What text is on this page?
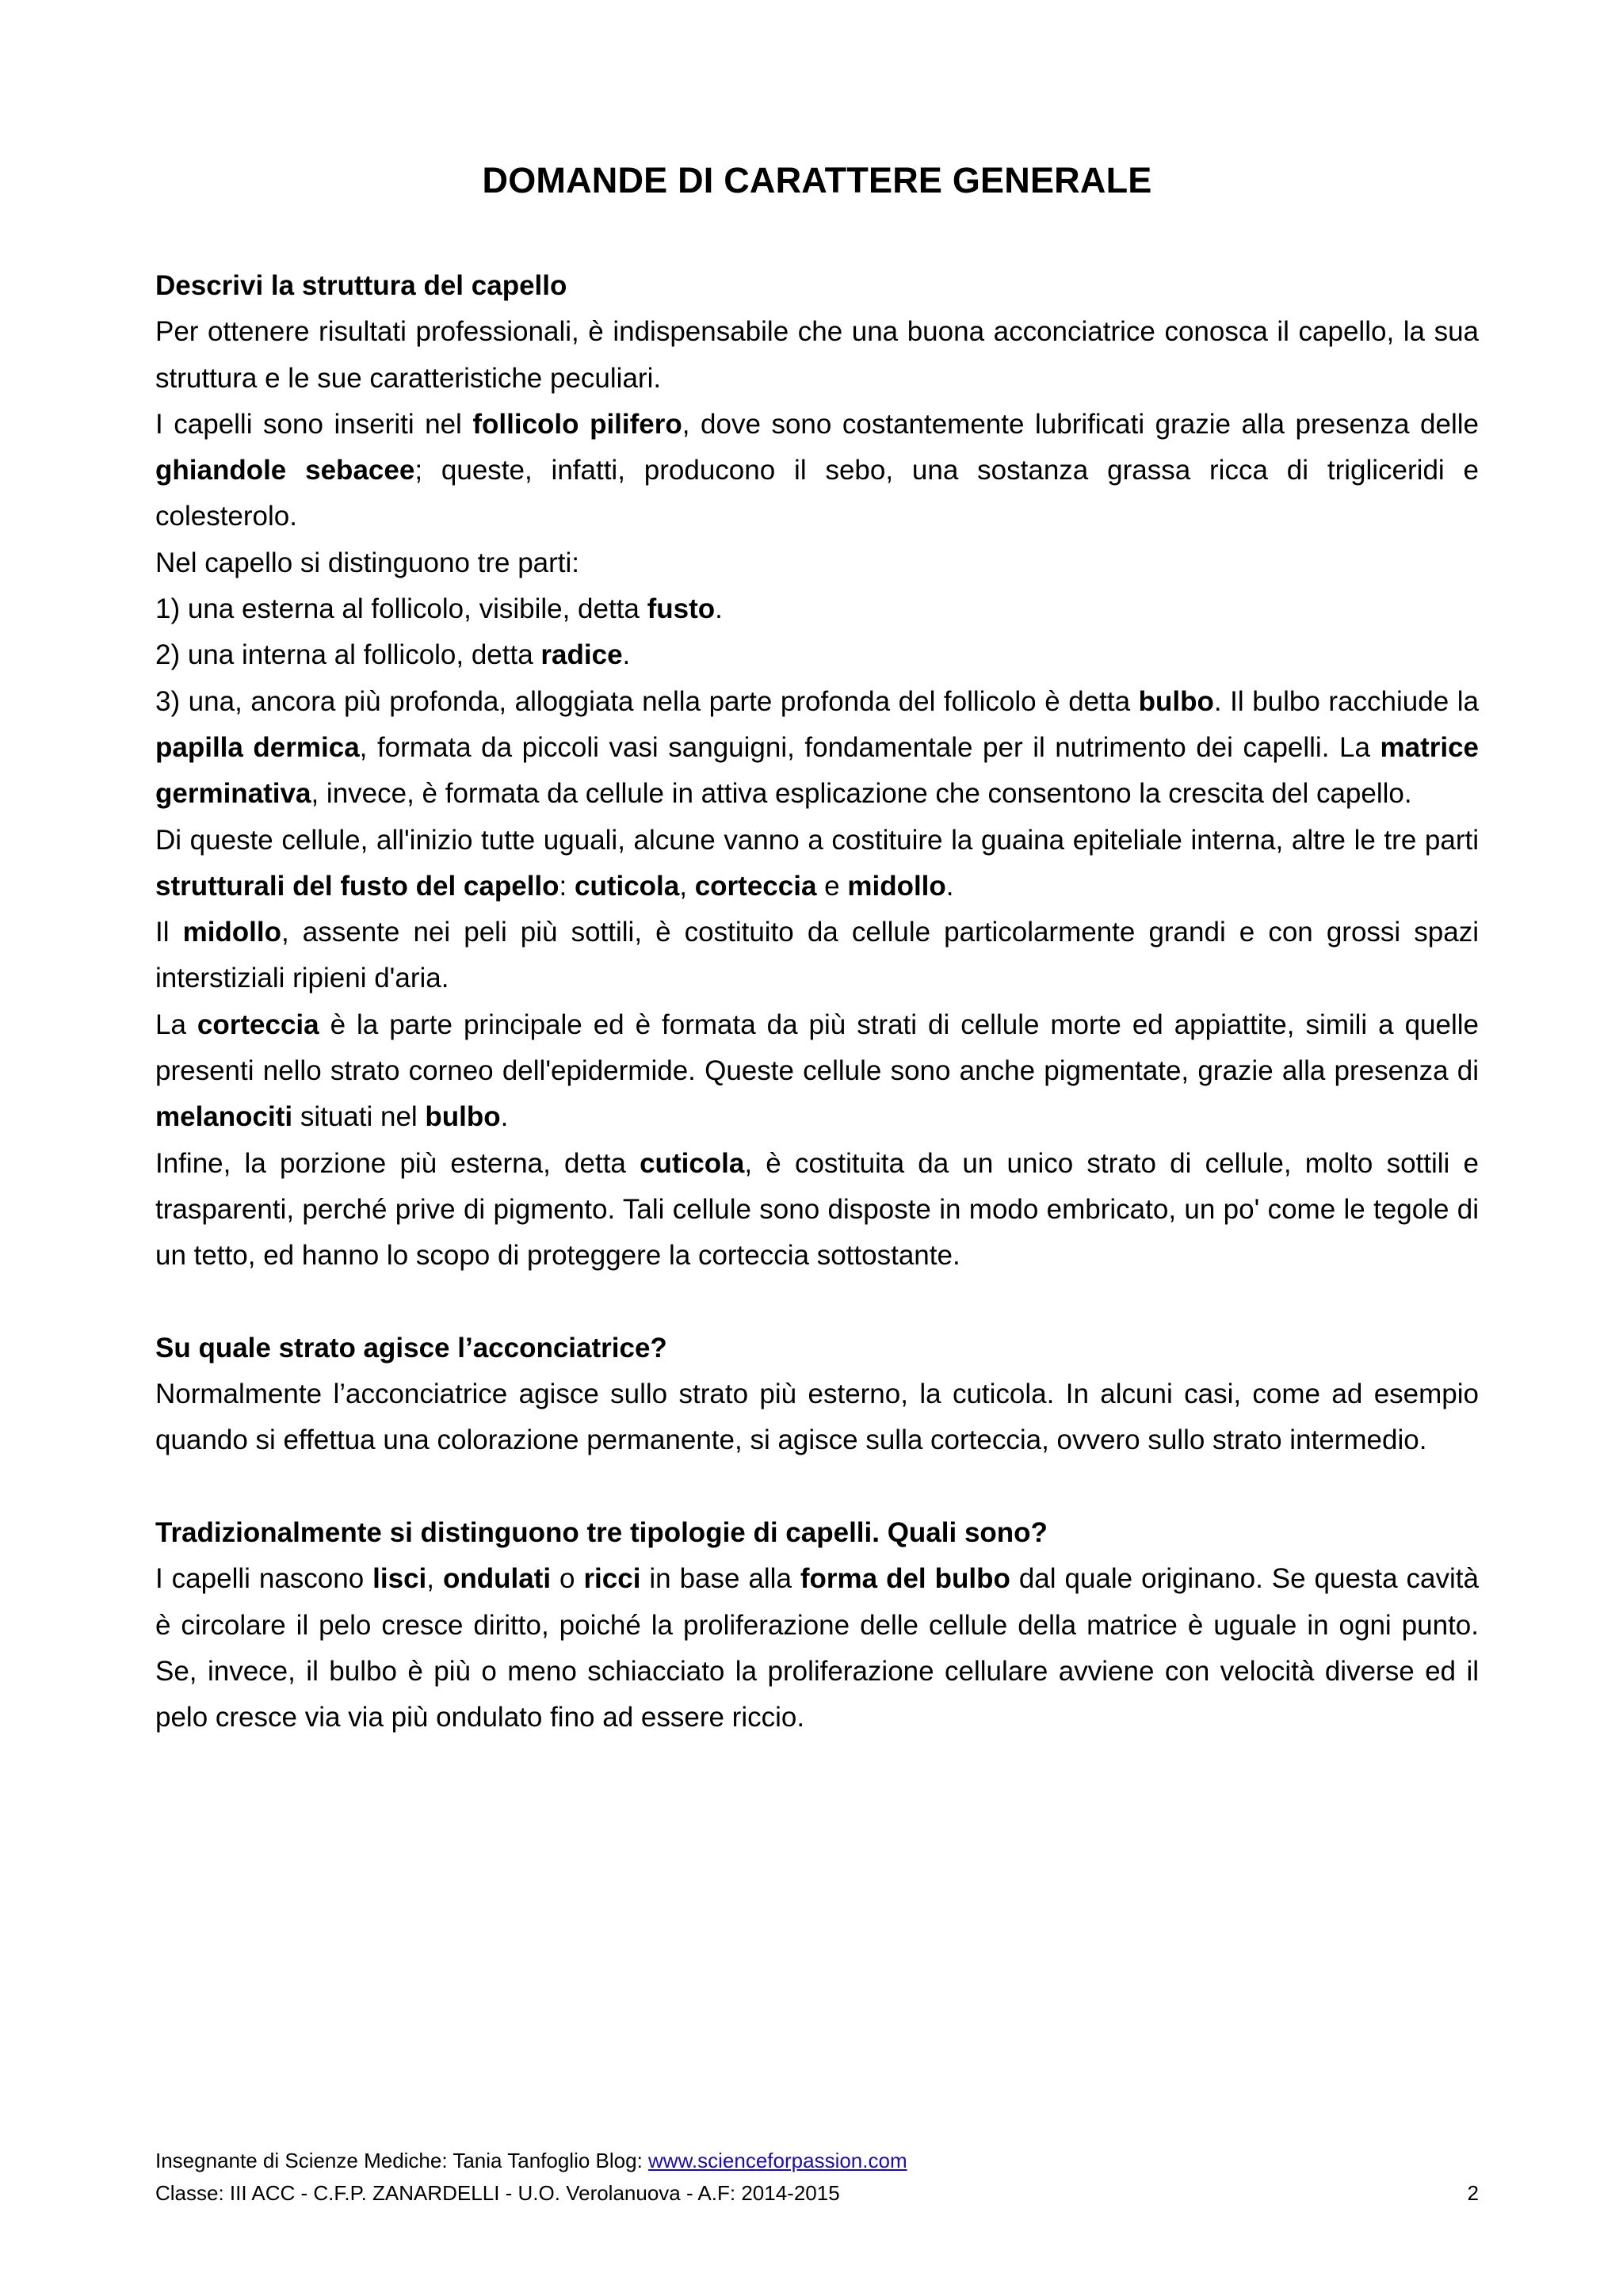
DOMANDE DI CARATTERE GENERALE
Descrivi la struttura del capello

Per ottenere risultati professionali, è indispensabile che una buona acconciatrice conosca il capello, la sua struttura e le sue caratteristiche peculiari.

I capelli sono inseriti nel follicolo pilifero, dove sono costantemente lubrificati grazie alla presenza delle ghiandole sebacee; queste, infatti, producono il sebo, una sostanza grassa ricca di trigliceridi e colesterolo.

Nel capello si distinguono tre parti:

1) una esterna al follicolo, visibile, detta fusto.

2) una interna al follicolo, detta radice.

3) una, ancora più profonda, alloggiata nella parte profonda del follicolo è detta bulbo. Il bulbo racchiude la papilla dermica, formata da piccoli vasi sanguigni, fondamentale per il nutrimento dei capelli. La matrice germinativa, invece, è formata da cellule in attiva esplicazione che consentono la crescita del capello.

Di queste cellule, all'inizio tutte uguali, alcune vanno a costituire la guaina epiteliale interna, altre le tre parti strutturali del fusto del capello: cuticola, corteccia e midollo.

Il midollo, assente nei peli più sottili, è costituito da cellule particolarmente grandi e con grossi spazi interstiziali ripieni d'aria.

La corteccia è la parte principale ed è formata da più strati di cellule morte ed appiattite, simili a quelle presenti nello strato corneo dell'epidermide. Queste cellule sono anche pigmentate, grazie alla presenza di melanociti situati nel bulbo.

Infine, la porzione più esterna, detta cuticola, è costituita da un unico strato di cellule, molto sottili e trasparenti, perché prive di pigmento. Tali cellule sono disposte in modo embricato, un po' come le tegole di un tetto, ed hanno lo scopo di proteggere la corteccia sottostante.

Su quale strato agisce l’acconciatrice?

Normalmente l’acconciatrice agisce sullo strato più esterno, la cuticola. In alcuni casi, come ad esempio quando si effettua una colorazione permanente, si agisce sulla corteccia, ovvero sullo strato intermedio.

Tradizionalmente si distinguono tre tipologie di capelli. Quali sono?

I capelli nascono lisci, ondulati o ricci in base alla forma del bulbo dal quale originano. Se questa cavità è circolare il pelo cresce diritto, poiché la proliferazione delle cellule della matrice è uguale in ogni punto. Se, invece, il bulbo è più o meno schiacciato la proliferazione cellulare avviene con velocità diverse ed il pelo cresce via via più ondulato fino ad essere riccio.

Insegnante di Scienze Mediche: Tania Tanfoglio Blog: www.scienceforpassion.com
Classe: III ACC - C.F.P. ZANARDELLI - U.O. Verolanuova - A.F: 2014-2015	2
